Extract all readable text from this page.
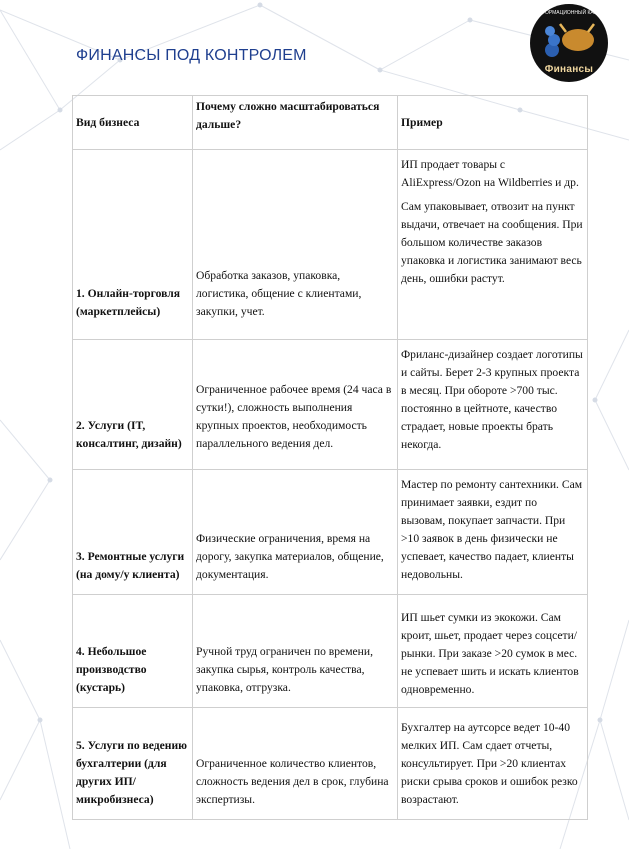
ФИНАНСЫ ПОД КОНТРОЛЕМ
ИНФОРМАЦИОННЫЙ КАНАЛ
Финансы
Вид бизнеса	Почему сложно масштабироваться дальше?	Пример
1. Онлайн-торговля (маркетплейсы)	Обработка заказов, упаковка, логистика, общение с клиентами, закупки, учет.	ИП продает товары с AliExpress/Ozon на Wildberries и др.

Сам упаковывает, отвозит на пункт выдачи, отвечает на сообщения. При большом количестве заказов упаковка и логистика занимают весь день, ошибки растут.

2. Услуги (IT, консалтинг, дизайн)	Ограниченное рабочее время (24 часа в сутки!), сложность выполнения крупных проектов, необходимость параллельного ведения дел.	Фриланс-дизайнер создает логотипы и сайты. Берет 2-3 крупных проекта в месяц. При обороте >700 тыс. постоянно в цейтноте, качество страдает, новые проекты брать некогда.
3. Ремонтные услуги (на дому/у клиента)	Физические ограничения, время на дорогу, закупка материалов, общение, документация.	Мастер по ремонту сантехники. Сам принимает заявки, ездит по вызовам, покупает запчасти. При >10 заявок в день физически не успевает, качество падает, клиенты недовольны.
4. Небольшое производство (кустарь)	Ручной труд ограничен по времени, закупка сырья, контроль качества, упаковка, отгрузка.	ИП шьет сумки из экокожи. Сам кроит, шьет, продает через соцсети/рынки. При заказе >20 сумок в мес. не успевает шить и искать клиентов одновременно.
5. Услуги по ведению бухгалтерии (для других ИП/микробизнеса)	Ограниченное количество клиентов, сложность ведения дел в срок, глубина экспертизы.	Бухгалтер на аутсорсе ведет 10-40 мелких ИП. Сам сдает отчеты, консультирует. При >20 клиентах риски срыва сроков и ошибок резко возрастают.
